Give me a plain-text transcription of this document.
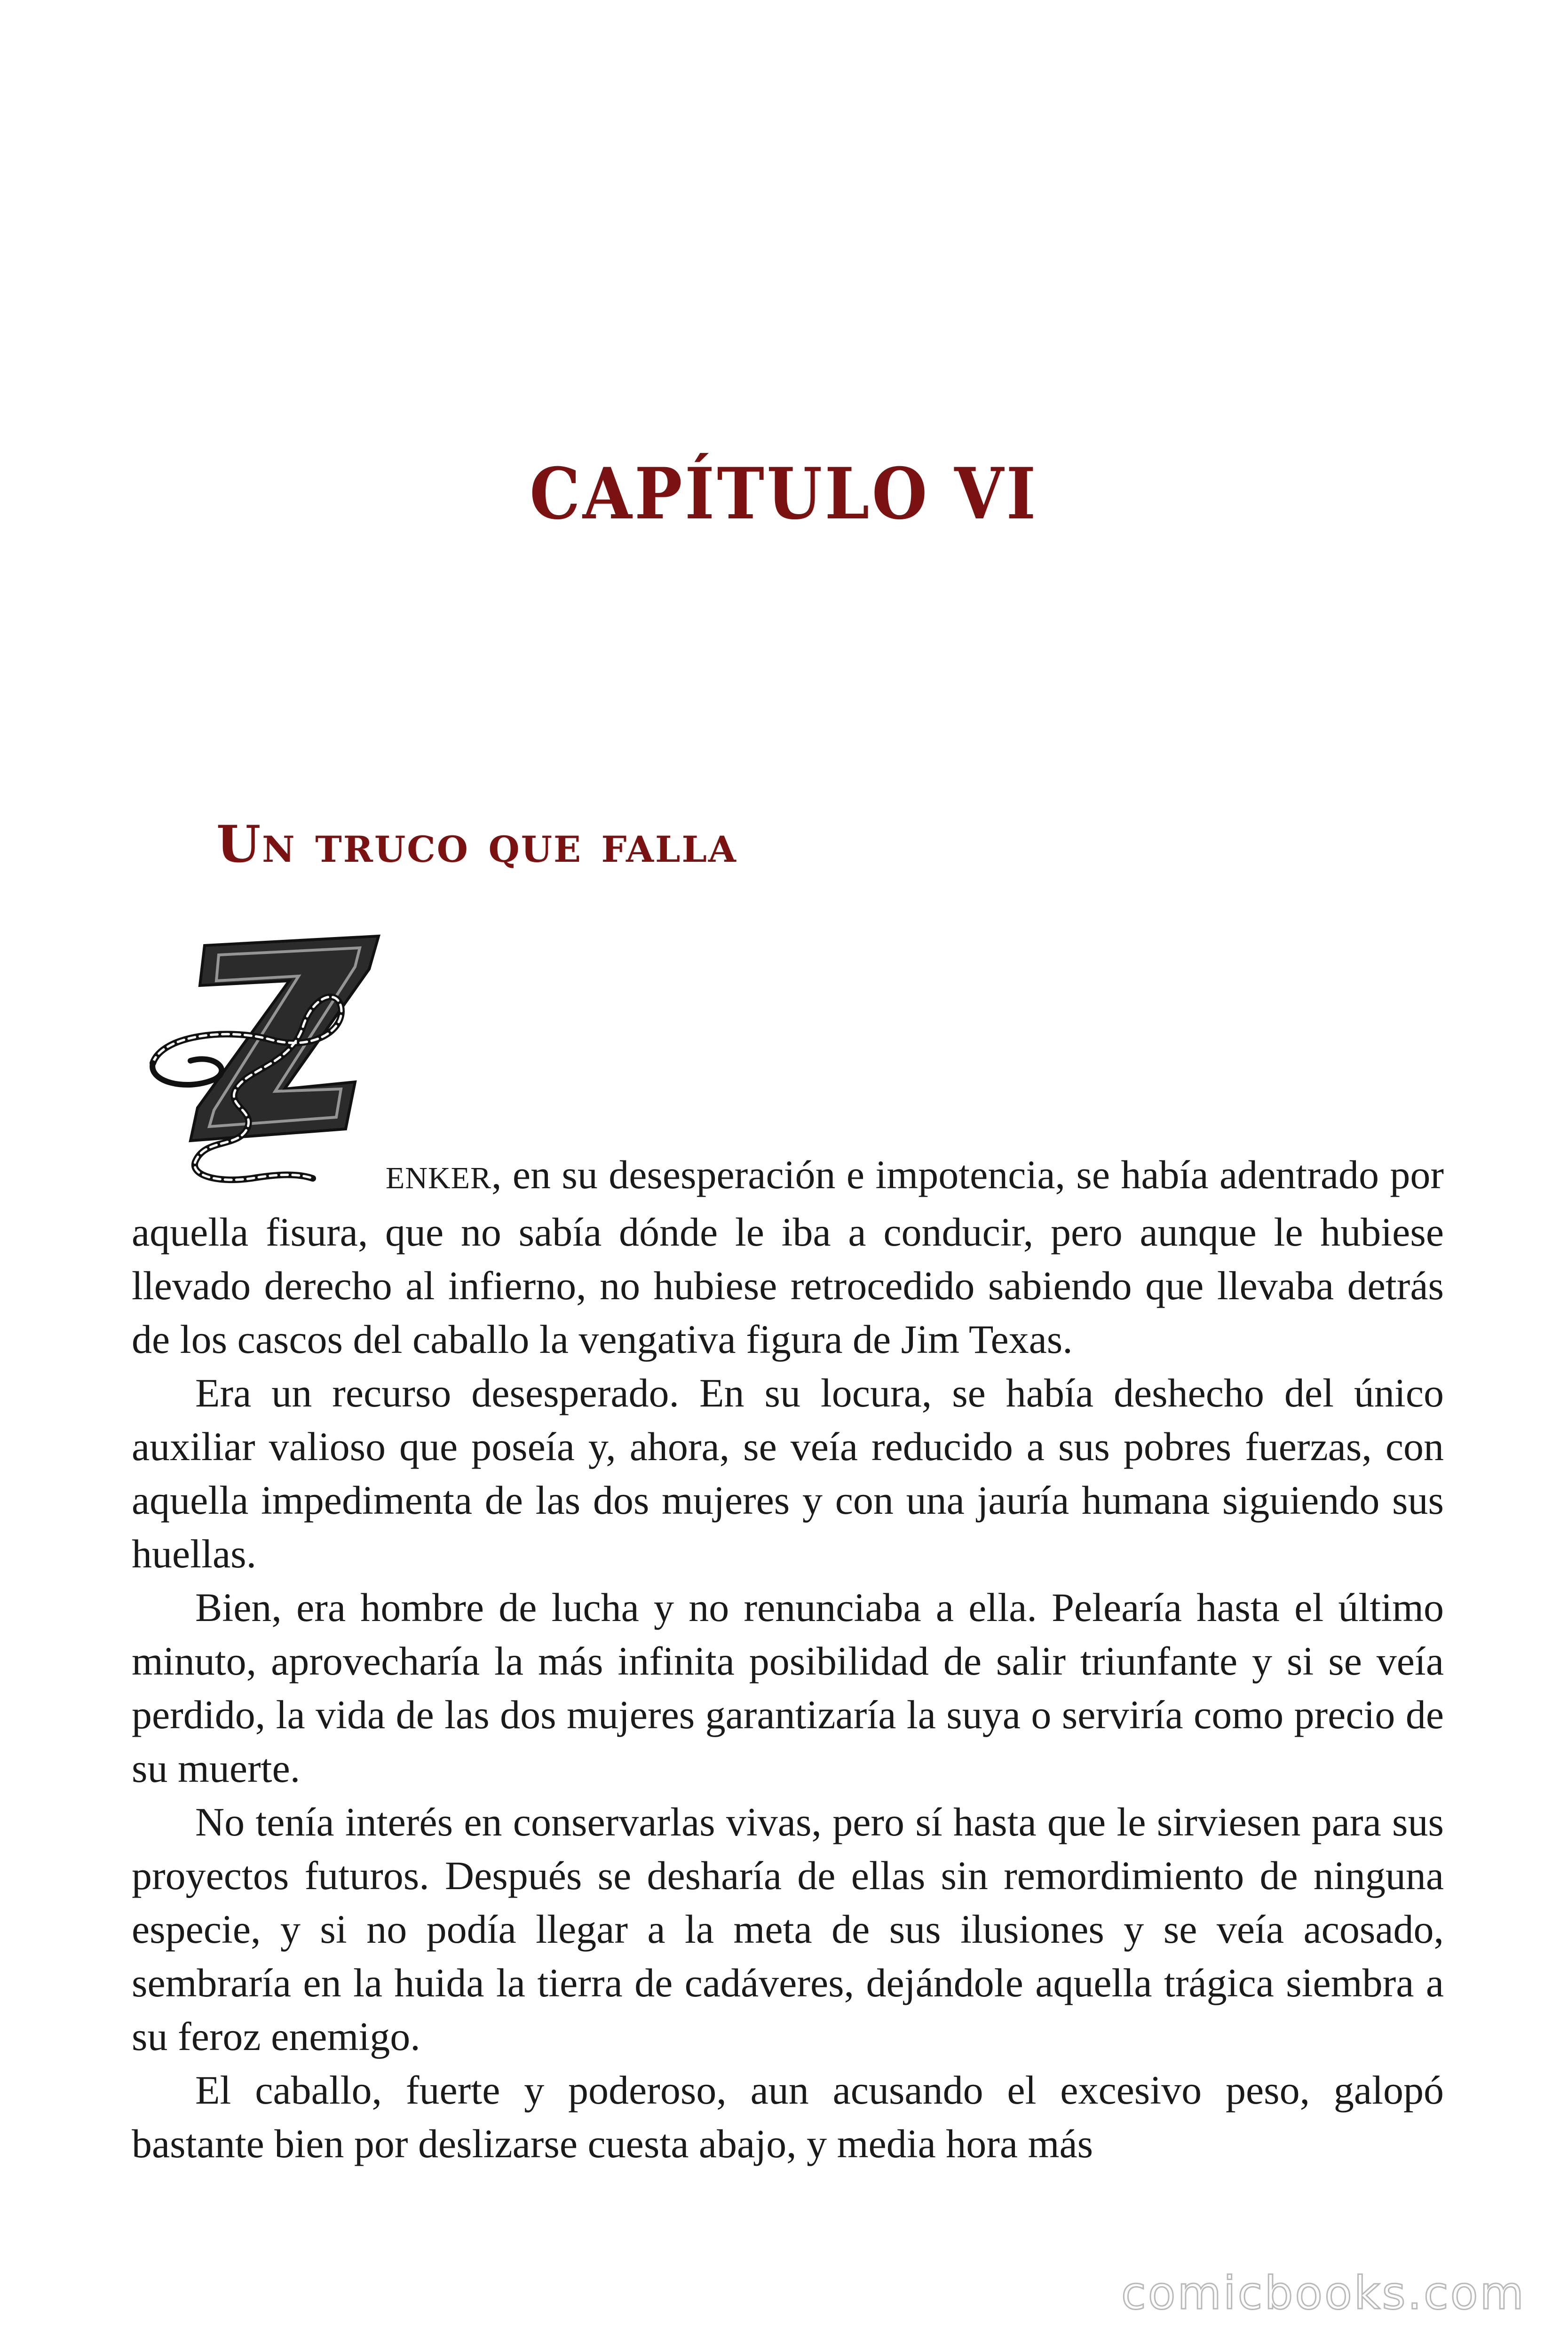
CAPÍTULO VI
Un truco que falla
Z

ENKER, en su desesperación e impotencia, se había adentrado por aquella fisura, que no sabía dónde le iba a conducir, pero aunque le hubiese llevado derecho al infierno, no hubiese retrocedido sabiendo que llevaba detrás de los cascos del caballo la vengativa figura de Jim Texas.

Era un recurso desesperado. En su locura, se había deshecho del único auxiliar valioso que poseía y, ahora, se veía reducido a sus pobres fuerzas, con aquella impedimenta de las dos mujeres y con una jauría humana siguiendo sus huellas.

Bien, era hombre de lucha y no renunciaba a ella. Pelearía hasta el último minuto, aprovecharía la más infinita posibilidad de salir triunfante y si se veía perdido, la vida de las dos mujeres garantizaría la suya o serviría como precio de su muerte.

No tenía interés en conservarlas vivas, pero sí hasta que le sirviesen para sus proyectos futuros. Después se desharía de ellas sin remordimiento de ninguna especie, y si no podía llegar a la meta de sus ilusiones y se veía acosado, sembraría en la huida la tierra de cadáveres, dejándole aquella trágica siembra a su feroz enemigo.

El caballo, fuerte y poderoso, aun acusando el excesivo peso, galopó bastante bien por deslizarse cuesta abajo, y media hora más

comicbooks.com
